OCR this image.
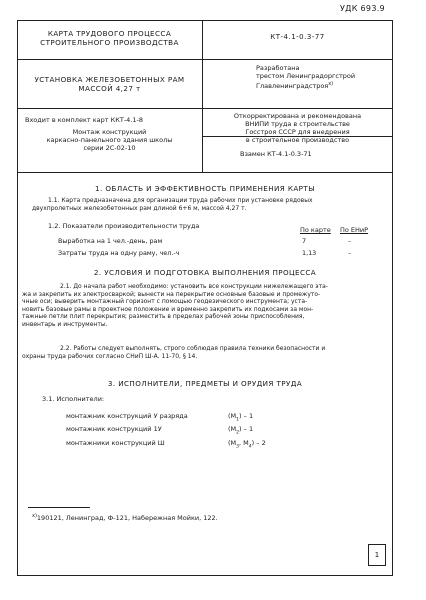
УДК 693.9
КАРТА ТРУДОВОГО ПРОЦЕССА
СТРОИТЕЛЬНОГО ПРОИЗВОДСТВА
КТ-4.1-0.3-77
УСТАНОВКА ЖЕЛЕЗОБЕТОННЫХ РАМ
МАССОЙ 4,27 т
Разработана
трестом Ленинградоргстрой
Главленинградстроя$^{x)}$
Входит в комплект карт ККТ-4.1-8
Монтаж конструкций
каркасно-панельного здания школы
серии 2С-02-10
Откорректирована и рекомендована
ВНИПИ труда в строительстве
Госстроя СССР для внедрения
в строительное производство
Взамен КТ-4.1-0.3-71
1. ОБЛАСТЬ И ЭФФЕКТИВНОСТЬ ПРИМЕНЕНИЯ КАРТЫ
1.1. Карта предназначена для организации труда рабочих при установке рядовых
двухпролетных железобетонных рам длиной 6+6 м, массой 4,27 т.
1.2. Показатели производительности труда	По карте По ЕНиР
Выработка на 1 чел.-день, рам	7	–
Затраты труда на одну раму, чел.-ч	1,13	–
2. УСЛОВИЯ И ПОДГОТОВКА ВЫПОЛНЕНИЯ ПРОЦЕССА
2.1. До начала работ необходимо: установить все конструкции нижележащего эта-
жа и закрепить их электросваркой; вынести на перекрытие основные базовые и промежуто-
чные оси; выверить монтажный горизонт с помощью геодезического инструмента; уста-
новить базовые рамы в проектное положение и временно закрепить их подкосами за мон-
тажные петли плит перекрытия; разместить в пределах рабочей зоны приспособления,
инвентарь и инструменты.
2.2. Работы следует выполнять, строго соблюдая правила техники безопасности и
охраны труда рабочих согласно СНиП Ш-А. 11-70, § 14.
3. ИСПОЛНИТЕЛИ, ПРЕДМЕТЫ И ОРУДИЯ ТРУДА
3.1. Исполнители:
монтажник конструкций У разряда	$(М_1) - 1$
монтажник конструкций 1У	$(М_2) - 1$
монтажники конструкций Ш	($М_3$, $М_4) - 2$
$^{x)}$190121, Ленинград, Ф-121, Набережная Мойки, 122.
1
